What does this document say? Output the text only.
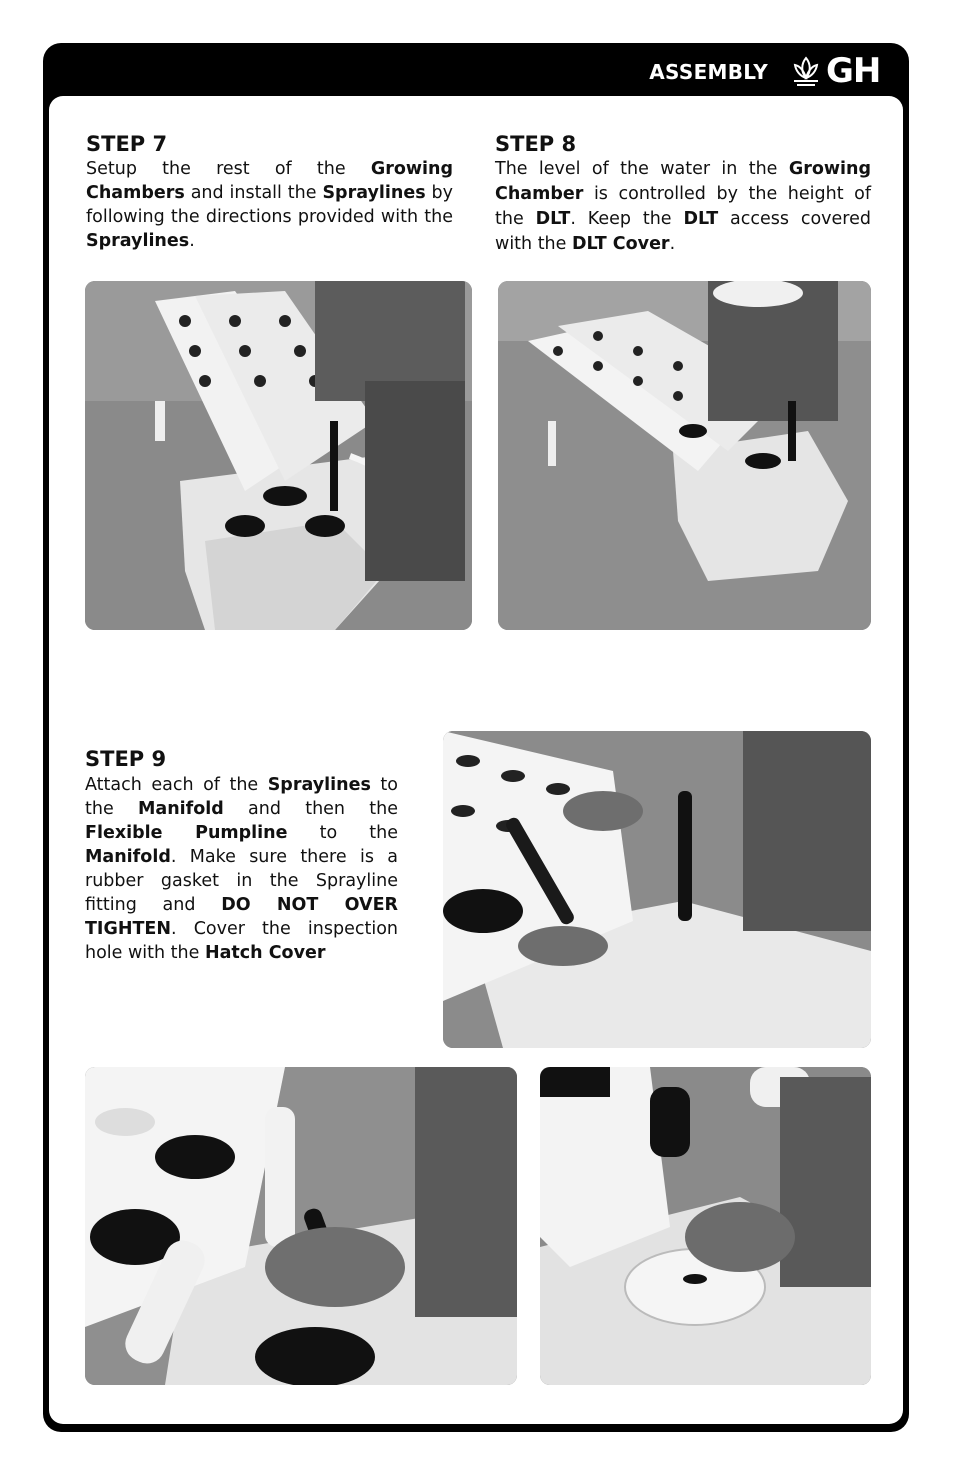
ASSEMBLY GH
STEP 7
Setup the rest of the Growing Chambers and install the Spraylines by following the directions provided with the Spraylines.
STEP 8
The level of the water in the Growing Chamber is controlled by the height of the DLT. Keep the DLT access covered with the DLT Cover.
STEP 9
Attach each of the Spraylines to the Manifold and then the Flexible Pumpline to the Manifold. Make sure there is a rubber gasket in the Sprayline fitting and DO NOT OVER TIGHTEN. Cover the inspection hole with the Hatch Cover
